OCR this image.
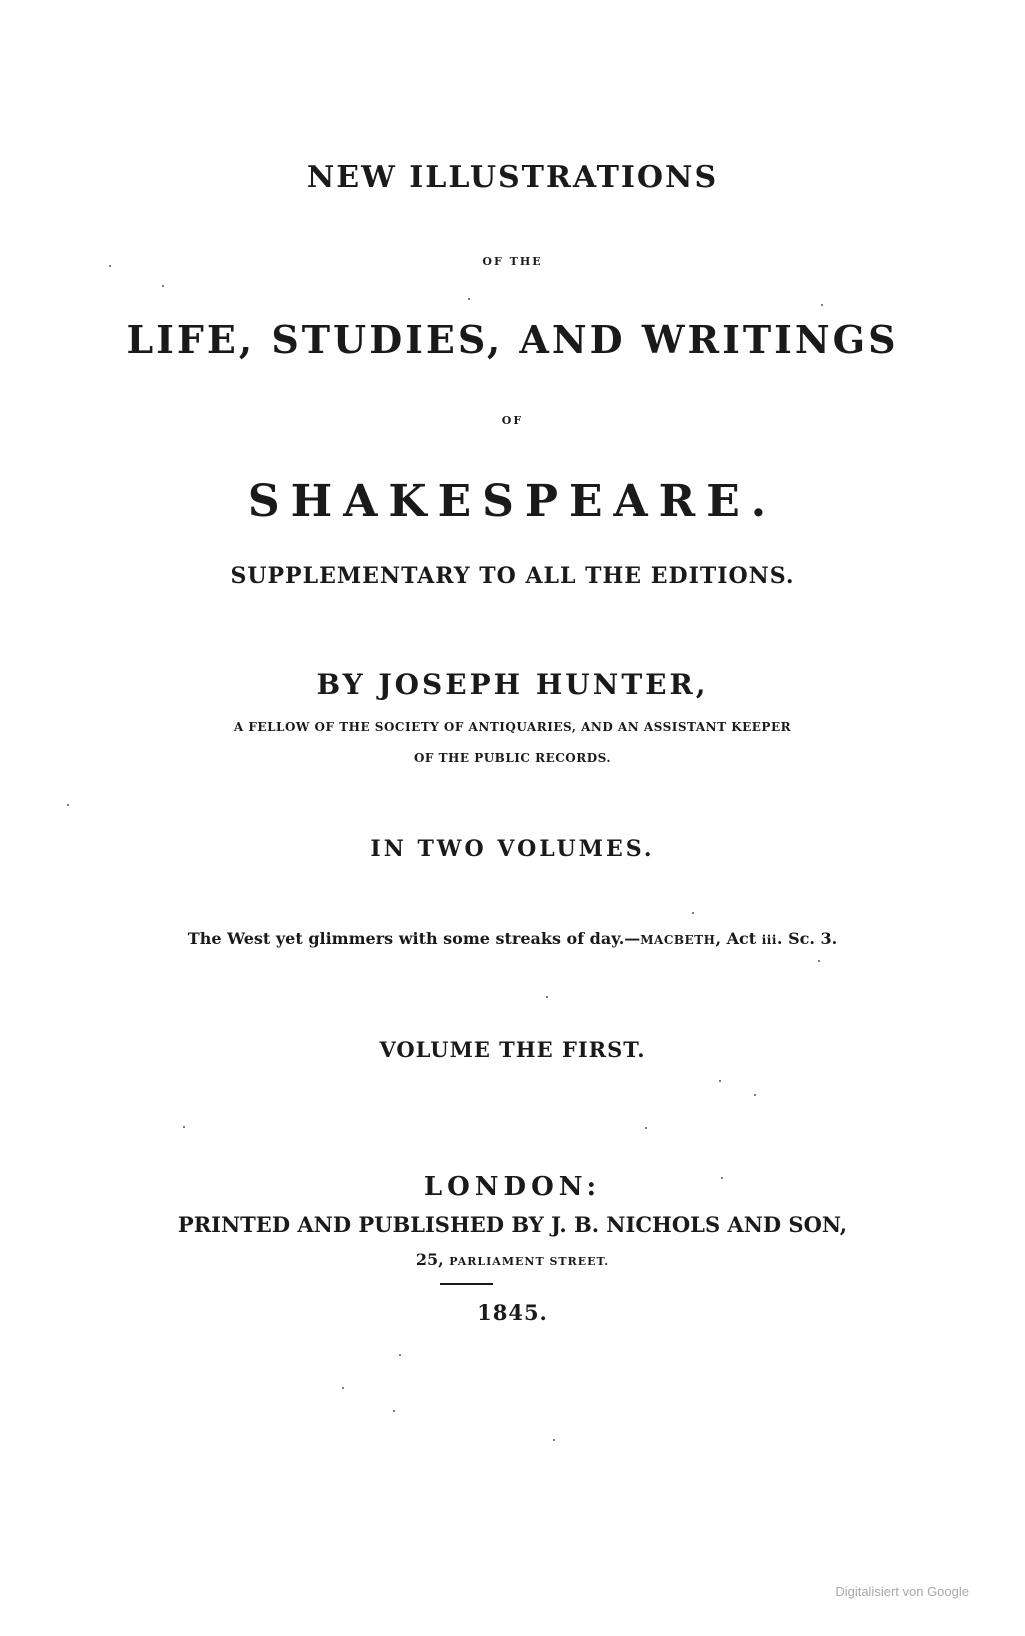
NEW ILLUSTRATIONS
OF THE
LIFE, STUDIES, AND WRITINGS
OF
SHAKESPEARE.
SUPPLEMENTARY TO ALL THE EDITIONS.
BY JOSEPH HUNTER,
A FELLOW OF THE SOCIETY OF ANTIQUARIES, AND AN ASSISTANT KEEPER
OF THE PUBLIC RECORDS.
IN TWO VOLUMES.
The West yet glimmers with some streaks of day.—MACBETH, Act iii. Sc. 3.
VOLUME THE FIRST.
LONDON:
PRINTED AND PUBLISHED BY J. B. NICHOLS AND SON,
25, PARLIAMENT STREET.
1845.
Digitalisiert von Google
